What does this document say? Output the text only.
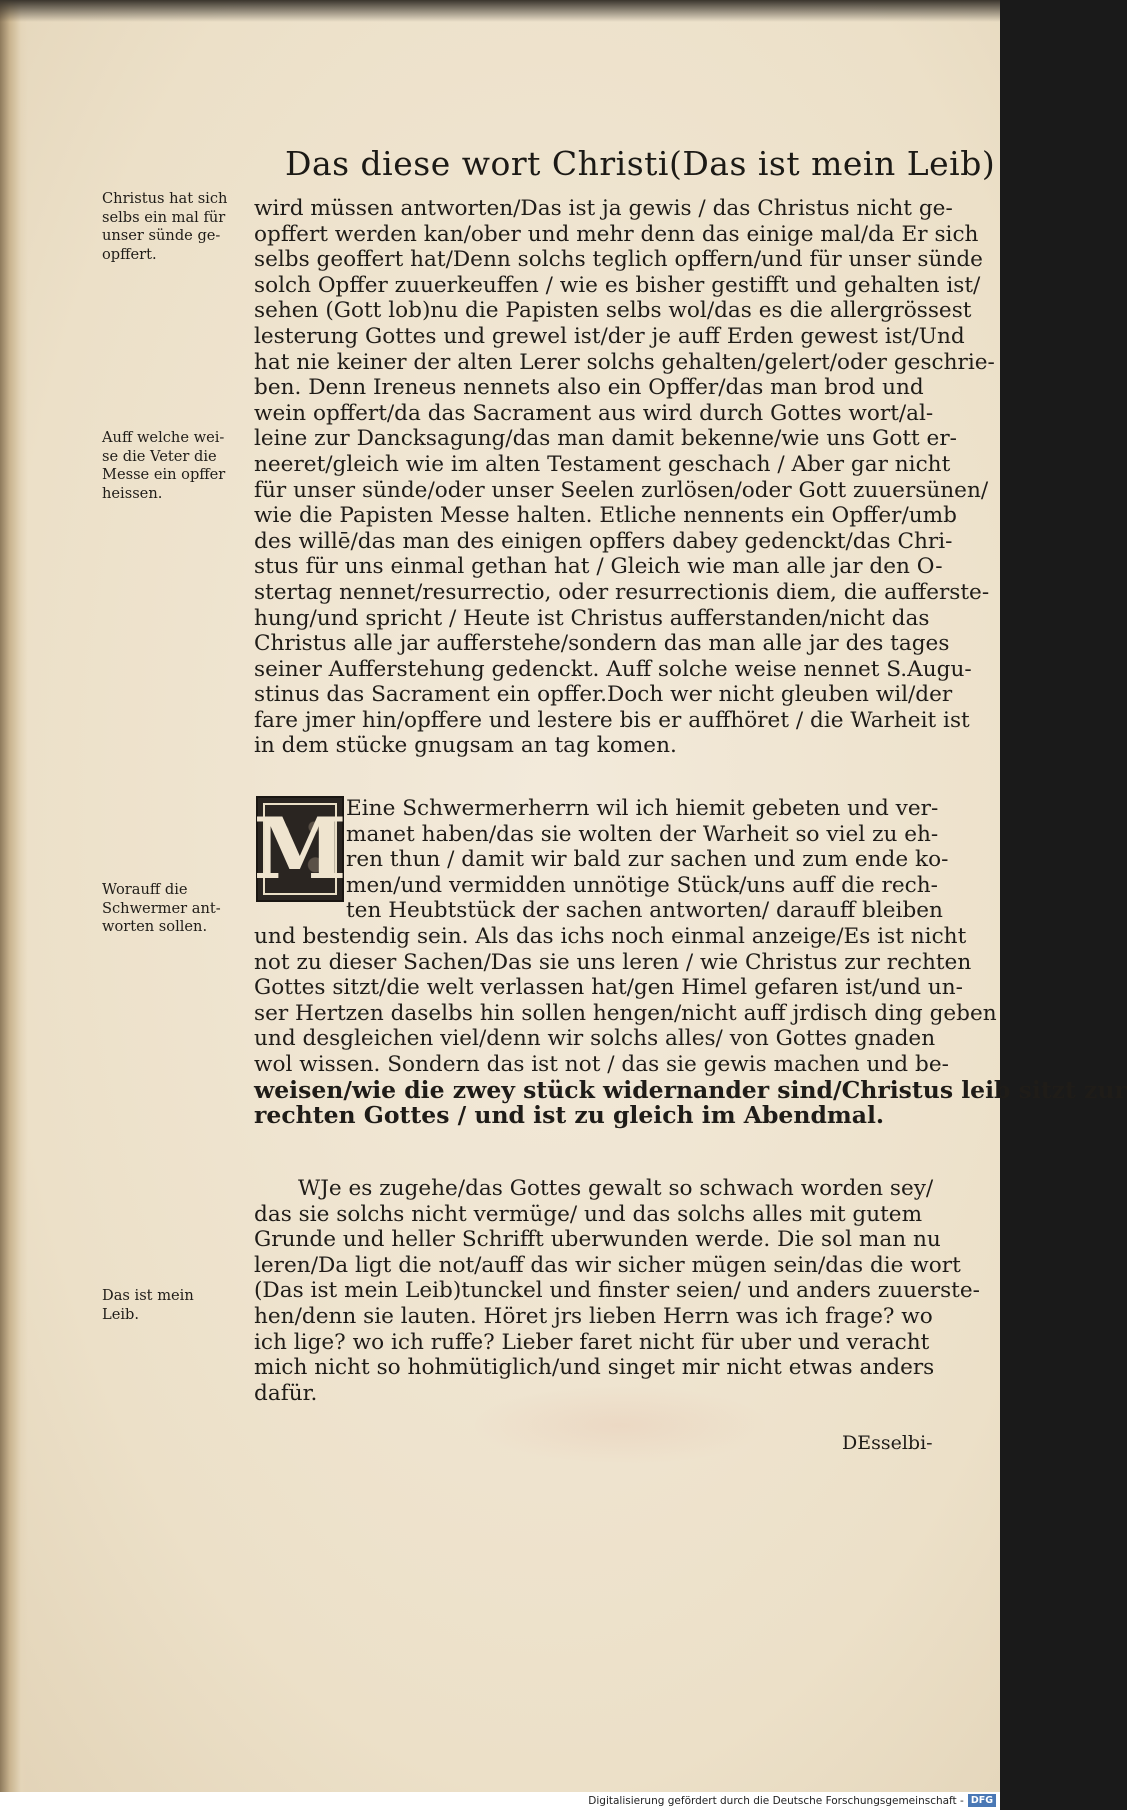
Das diese wort Christi(Das ist mein Leib)
Christus hat sich
selbs ein mal für
unser sünde ge-
opffert.
Auff welche wei-
se die Veter die
Messe ein opffer
heissen.
Worauff die
Schwermer ant-
worten sollen.
Das ist mein
Leib.
wird müssen antworten/Das ist ja gewis / das Christus nicht ge-
opffert werden kan/ober und mehr denn das einige mal/da Er sich
selbs geoffert hat/Denn solchs teglich opffern/und für unser sünde
solch Opffer zuuerkeuffen / wie es bisher gestifft und gehalten ist/
sehen (Gott lob)nu die Papisten selbs wol/das es die allergrössest
lesterung Gottes und grewel ist/der je auff Erden gewest ist/Und
hat nie keiner der alten Lerer solchs gehalten/gelert/oder geschrie-
ben. Denn Ireneus nennets also ein Opffer/das man brod und
wein opffert/da das Sacrament aus wird durch Gottes wort/al-
leine zur Dancksagung/das man damit bekenne/wie uns Gott er-
neeret/gleich wie im alten Testament geschach / Aber gar nicht
für unser sünde/oder unser Seelen zurlösen/oder Gott zuuersünen/
wie die Papisten Messe halten. Etliche nennents ein Opffer/umb
des willē/das man des einigen opffers dabey gedenckt/das Chri-
stus für uns einmal gethan hat / Gleich wie man alle jar den O-
stertag nennet/resurrectio, oder resurrectionis diem, die aufferste-
hung/und spricht / Heute ist Christus aufferstanden/nicht das
Christus alle jar aufferstehe/sondern das man alle jar des tages
seiner Aufferstehung gedenckt. Auff solche weise nennet S.Augu-
stinus das Sacrament ein opffer.Doch wer nicht gleuben wil/der
fare jmer hin/opffere und lestere bis er auffhöret / die Warheit ist
in dem stücke gnugsam an tag komen.
M Eine Schwermerherrn wil ich hiemit gebeten und ver-
manet haben/das sie wolten der Warheit so viel zu eh-
ren thun / damit wir bald zur sachen und zum ende ko-
men/und vermidden unnötige Stück/uns auff die rech-
ten Heubtstück der sachen antworten/ darauff bleiben
und bestendig sein. Als das ichs noch einmal anzeige/Es ist nicht
not zu dieser Sachen/Das sie uns leren / wie Christus zur rechten
Gottes sitzt/die welt verlassen hat/gen Himel gefaren ist/und un-
ser Hertzen daselbs hin sollen hengen/nicht auff jrdisch ding geben
und desgleichen viel/denn wir solchs alles/ von Gottes gnaden
wol wissen. Sondern das ist not / das sie gewis machen und be-
weisen/wie die zwey stück widernander sind/Christus leib sitzt zur
rechten Gottes / und ist zu gleich im Abendmal.
WJe es zugehe/das Gottes gewalt so schwach worden sey/
das sie solchs nicht vermüge/ und das solchs alles mit gutem
Grunde und heller Schrifft uberwunden werde. Die sol man nu
leren/Da ligt die not/auff das wir sicher mügen sein/das die wort
(Das ist mein Leib)tunckel und finster seien/ und anders zuuerste-
hen/denn sie lauten. Höret jrs lieben Herrn was ich frage? wo
ich lige? wo ich ruffe? Lieber faret nicht für uber und veracht
mich nicht so hohmütiglich/und singet mir nicht etwas anders
dafür.
DEsselbi-
Digitalisierung gefördert durch die Deutsche Forschungsgemeinschaft - DFG
